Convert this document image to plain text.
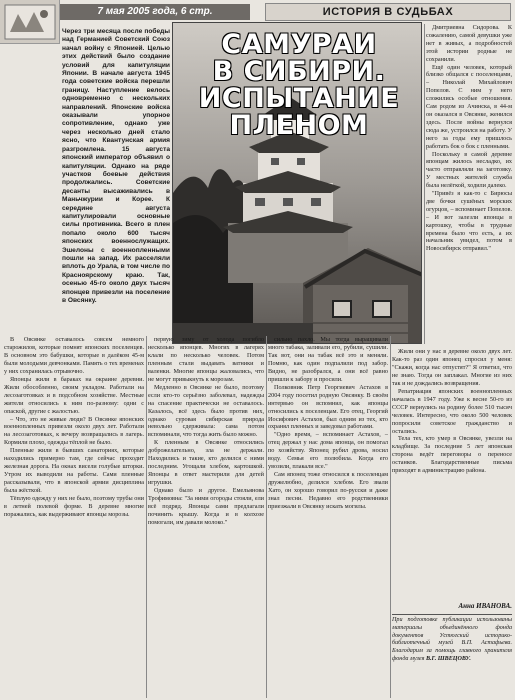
7 мая 2005 года, 6 стр.	ИСТОРИЯ В СУДЬБАХ
Через три месяца после победы над Германией Советский Союз начал войну с Японией. Целью этих действий было создание условий для капитуляции Японии. В начале августа 1945 года советские войска перешли границу. Наступление велось одновременно с нескольких направлений. Японские войска оказывали упорное сопротивление, однако уже через несколько дней стало ясно, что Квантунская армия разгромлена. 15 августа японский император объявил о капитуляции. Однако на ряде участков боевые действия продолжались. Советские десанты высаживались в Маньчжурии и Корее. К середине августа капитулировали основные силы противника. Всего в плен попало около 600 тысяч японских военнослужащих. Эшелоны с военнопленными пошли на запад. Их расселяли вплоть до Урала, в том числе по Красноярскому краю. Так, осенью 45-го около двух тысяч японцев привезли на поселение в Овсянку.
САМУРАИ
В СИБИРИ.
ИСПЫТАНИЕ
ПЛЕНОМ

Дмитриевна Сидорова. К сожалению, самой девушки уже нет в живых, а подробностей этой истории родные не сохранили.

Ещё один человек, который близко общался с поселенцами, – Николай Михайлович Попелов. С ним у него сложились особые отношения. Сам родом из Ачинска, в 44-м он оказался в Овсянке, женился здесь. После войны вернулся сюда же, устроился на работу. У него за годы ему пришлось работать бок о бок с пленными.

Поскольку в самой деревне японцам жилось несладко, их часто отправляли на заготовку. У местных жителей служба была нелёгкой, ходили далеко.

"Привёз я как-то с Бирюсы две бочки сушёных морских огурцов, – вспоминает Попелов. – И вот залезли японцы в картошку, чтобы в трудные времена было что есть, а их начальник увидел, потом в Новосибирск отправил."

В Овсянке оставалось совсем немного старожилов, которые помнят японских поселенцев. В основном это бабушки, которые в далёком 45-м были молодыми девчонками. Память о тех временах у них сохранилась отрывочно.

Японцы жили в бараках на окраине деревни. Жили обособленно, своим укладом. Работали на лесозаготовках и в подсобном хозяйстве. Местные жители относились к ним по-разному: одни с опаской, другие с жалостью.

– Что, это не живые люди? В Овсянке японских военнопленных привезли около двух лет. Работали на лесозаготовках, к вечеру возвращались в лагерь. Кормили плохо, одежды тёплой не было.

Пленные жили в бывших санаториях, которые находились примерно там, где сейчас проходит железная дорога. На окнах висели голубые шторки. Утром их выводили на работы. Сами пленные рассказывали, что в японской армии дисциплина была жёсткой.

Тёплую одежду у них не было, поэтому трубы они в летней полевой форме. В деревне многие поражались, как выдерживают японцы морозы.

первую зиму от холода погибло несколько японцев. Многих в лагерях клали по несколько человек. Потом пленным стали выдавать ватники и валенки. Многие японцы жаловались, что не могут привыкнуть к морозам.

Медленно в Овсянке не было, поэтому если кто-то серьёзно заболевал, надежды на спасение практически не оставалось. Казалось, всё здесь было против них, однако суровая сибирская природа невольно сдерживала: сама потом вспоминали, что тогда жить было можно.

К пленным в Овсянке относились доброжелательно, зла не держали. Находились и такие, кто делился с ними последним. Угощали хлебом, картошкой. Японцы в ответ мастерили для детей игрушки.

Однако было и другое. Емельянова Трофимовна: "За ними огороды стояли, ели всё подряд. Японцы сами предлагали починить крышу. Когда и в колхозе помогали, им давали молоко."

сильно пахло. Мы тогда выращивали много табака, заливали его, рубили, сушили. Так вот, они на табак всё это и меняли. Помню, как один подпалили под забор. Видно, не разобрался, а они всё равно пришли к забору и просили.

Полковник Петр Георгиевич Астахов в 2004 году посетил родную Овсянку. В своём интервью он вспомнил, как японцы относились к поселенцам. Его отец, Георгий Иосифович Астахов, был одним из тех, кто охранял пленных и заведовал работами.

"Одно время, – вспоминает Астахов, – отец держал у нас дома японца, он помогал по хозяйству. Японец рубил дрова, носил воду. Семья его полюбила. Когда его увозили, плакали все."

Сам японец тоже относился к поселенцам дружелюбно, делился хлебом. Его звали Хато, он хорошо говорил по-русски и даже знал песни. Недавно его родственники приезжали в Овсянку искать могилы.

Жили они у нас в деревне около двух лет. Как-то раз один японец спросил у меня: "Скажи, когда нас отпустят?" Я ответил, что не знаю. Тогда он заплакал. Многие из них так и не дождались возвращения.

Репатриация японских военнопленных началась в 1947 году. Уже к весне 50-го из СССР вернулись на родину более 510 тысяч человек. Интересно, что около 500 человек попросили советское гражданство и остались.

Тела тех, кто умер в Овсянке, увезли на кладбище. За последние 5 лет японская сторона ведёт переговоры о переносе останков. Благодарственные письма приходят в администрацию района.

Анна ИВАНОВА.
При подготовке публикации использованы материалы объединённого фонда документов Устюгский историко-библиотечный музей В.П. Астафьева. Благодарим за помощь главного хранителя фонда музея В.Г. ШВЕЦОВУ.
